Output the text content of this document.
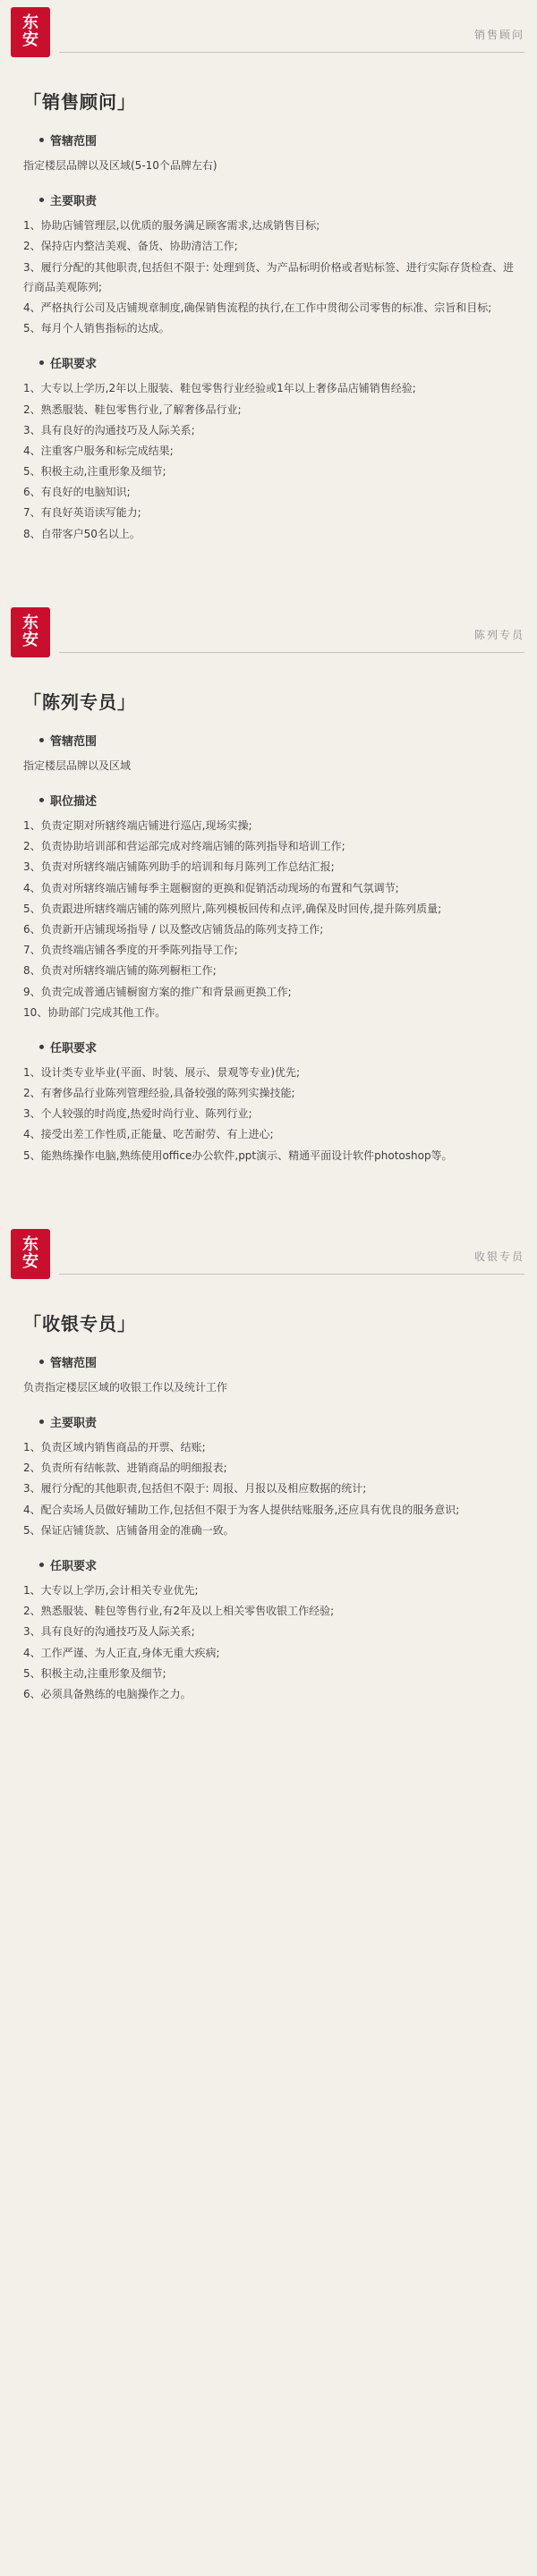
东
安	销售顾问
「销售顾问」
管辖范围

指定楼层品牌以及区域(5-10个品牌左右)

主要职责
1、协助店铺管理层,以优质的服务满足顾客需求,达成销售目标;
2、保持店内整洁美观、备货、协助清洁工作;
3、履行分配的其他职责,包括但不限于: 处理到货、为产品标明价格或者贴标签、进行实际存货检查、进行商品美观陈列;
4、严格执行公司及店铺规章制度,确保销售流程的执行,在工作中贯彻公司零售的标准、宗旨和目标;
5、每月个人销售指标的达成。
任职要求
1、大专以上学历,2年以上服装、鞋包零售行业经验或1年以上奢侈品店铺销售经验;
2、熟悉服装、鞋包零售行业,了解奢侈品行业;
3、具有良好的沟通技巧及人际关系;
4、注重客户服务和标完成结果;
5、积极主动,注重形象及细节;
6、有良好的电脑知识;
7、有良好英语读写能力;
8、自带客户50名以上。
东
安	陈列专员
「陈列专员」
管辖范围

指定楼层品牌以及区域

职位描述
1、负责定期对所辖终端店铺进行巡店,现场实操;
2、负责协助培训部和营运部完成对终端店铺的陈列指导和培训工作;
3、负责对所辖终端店铺陈列助手的培训和每月陈列工作总结汇报;
4、负责对所辖终端店铺每季主题橱窗的更换和促销活动现场的布置和气氛调节;
5、负责跟进所辖终端店铺的陈列照片,陈列模板回传和点评,确保及时回传,提升陈列质量;
6、负责新开店铺现场指导 / 以及整改店铺货品的陈列支持工作;
7、负责终端店铺各季度的开季陈列指导工作;
8、负责对所辖终端店铺的陈列橱柜工作;
9、负责完成普通店铺橱窗方案的推广和背景画更换工作;
10、协助部门完成其他工作。
任职要求
1、设计类专业毕业(平面、时装、展示、景观等专业)优先;
2、有奢侈品行业陈列管理经验,具备较强的陈列实操技能;
3、个人较强的时尚度,热爱时尚行业、陈列行业;
4、接受出差工作性质,正能量、吃苦耐劳、有上进心;
5、能熟练操作电脑,熟练使用office办公软件,ppt演示、精通平面设计软件photoshop等。
东
安	收银专员
「收银专员」
管辖范围

负责指定楼层区域的收银工作以及统计工作

主要职责
1、负责区域内销售商品的开票、结账;
2、负责所有结帐款、进销商品的明细报表;
3、履行分配的其他职责,包括但不限于: 周报、月报以及相应数据的统计;
4、配合卖场人员做好辅助工作,包括但不限于为客人提供结账服务,还应具有优良的服务意识;
5、保证店铺货款、店铺备用金的准确一致。
任职要求
1、大专以上学历,会计相关专业优先;
2、熟悉服装、鞋包等售行业,有2年及以上相关零售收银工作经验;
3、具有良好的沟通技巧及人际关系;
4、工作严谨、为人正直,身体无重大疾病;
5、积极主动,注重形象及细节;
6、必须具备熟练的电脑操作之力。
